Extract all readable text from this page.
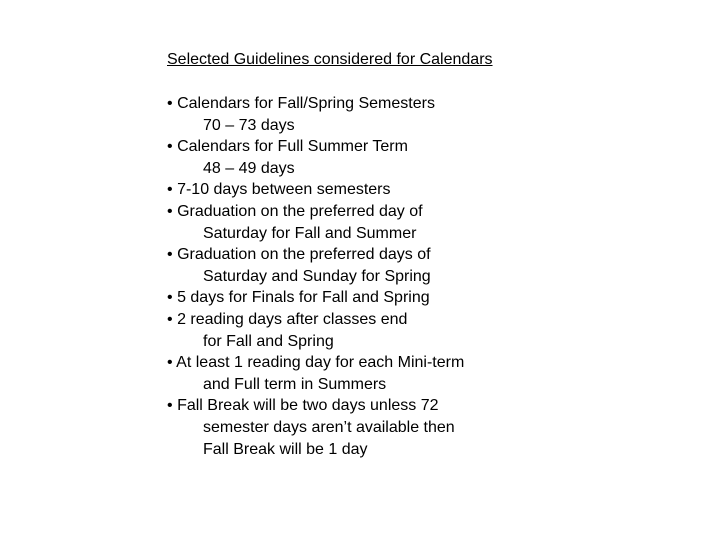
Selected Guidelines considered for Calendars
• Calendars for Fall/Spring Semesters
70 – 73 days
• Calendars for Full Summer Term
48 – 49 days
• 7-10 days between semesters
• Graduation on the preferred day of
Saturday for Fall and Summer
• Graduation on the preferred days of
Saturday and Sunday for Spring
• 5 days for Finals for Fall and Spring
• 2 reading days after classes end
for Fall and Spring
• At least 1 reading day for each Mini-term
and Full term in Summers
• Fall Break will be two days unless 72
semester days aren’t available then
Fall Break will be 1 day
